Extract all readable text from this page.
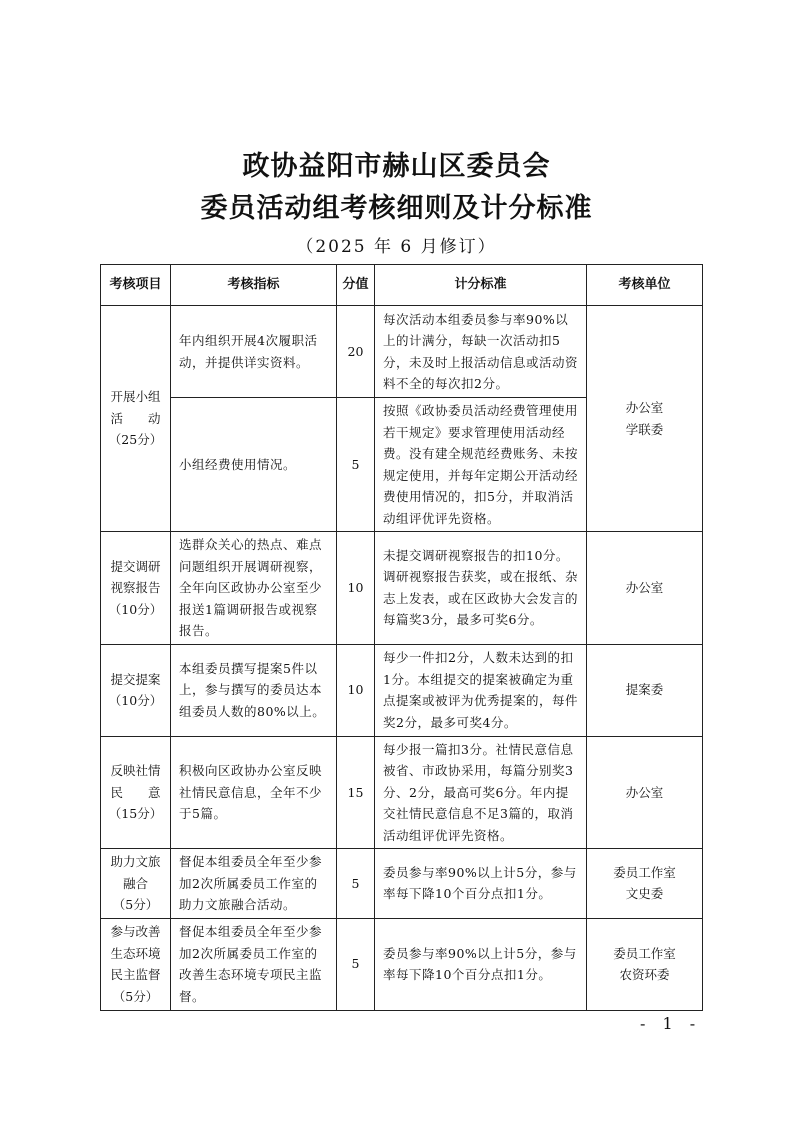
政协益阳市赫山区委员会
委员活动组考核细则及计分标准
（2025 年 6 月修订）
考核项目	考核指标	分值	计分标准	考核单位
开展小组
活　　动
（25分）	年内组织开展4次履职活动，并提供详实资料。	20	每次活动本组委员参与率90%以上的计满分，每缺一次活动扣5分，未及时上报活动信息或活动资料不全的每次扣2分。	办公室
学联委
	小组经费使用情况。	5	按照《政协委员活动经费管理使用若干规定》要求管理使用活动经费。没有建全规范经费账务、未按规定使用，并每年定期公开活动经费使用情况的，扣5分，并取消活动组评优评先资格。	
提交调研
视察报告
（10分）	选群众关心的热点、难点问题组织开展调研视察，全年向区政协办公室至少报送1篇调研报告或视察报告。	10	未提交调研视察报告的扣10分。调研视察报告获奖，或在报纸、杂志上发表，或在区政协大会发言的每篇奖3分，最多可奖6分。	办公室
提交提案
（10分）	本组委员撰写提案5件以上，参与撰写的委员达本组委员人数的80%以上。	10	每少一件扣2分，人数未达到的扣1分。本组提交的提案被确定为重点提案或被评为优秀提案的，每件奖2分，最多可奖4分。	提案委
反映社情
民　　意
（15分）	积极向区政协办公室反映社情民意信息，全年不少于5篇。	15	每少报一篇扣3分。社情民意信息被省、市政协采用，每篇分别奖3分、2分，最高可奖6分。年内提交社情民意信息不足3篇的，取消活动组评优评先资格。	办公室
助力文旅
融合
（5分）	督促本组委员全年至少参加2次所属委员工作室的助力文旅融合活动。	5	委员参与率90%以上计5分，参与率每下降10个百分点扣1分。	委员工作室
文史委
参与改善
生态环境
民主监督
（5分）	督促本组委员全年至少参加2次所属委员工作室的改善生态环境专项民主监督。	5	委员参与率90%以上计5分，参与率每下降10个百分点扣1分。	委员工作室
农资环委
- 1 -
